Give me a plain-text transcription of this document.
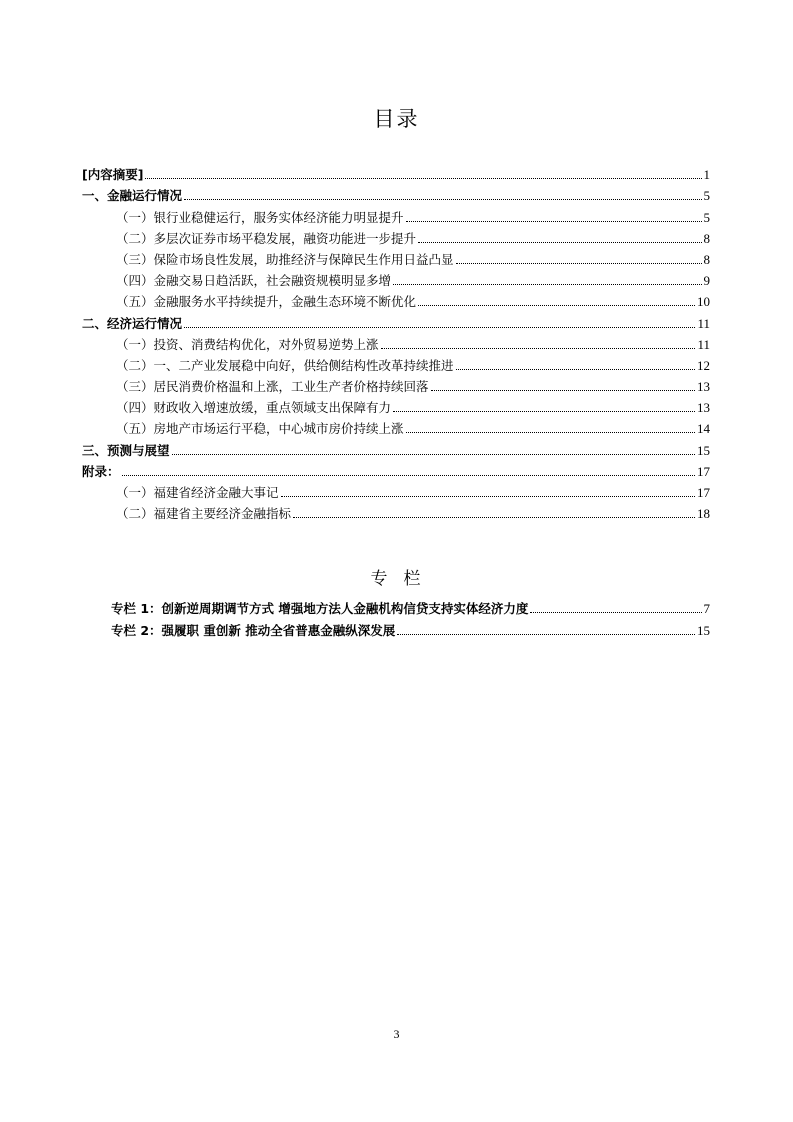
目录
[内容摘要]	1
一、金融运行情况	5
（一）银行业稳健运行，服务实体经济能力明显提升	5
（二）多层次证券市场平稳发展，融资功能进一步提升	8
（三）保险市场良性发展，助推经济与保障民生作用日益凸显	8
（四）金融交易日趋活跃，社会融资规模明显多增	9
（五）金融服务水平持续提升，金融生态环境不断优化	10
二、经济运行情况	11
（一）投资、消费结构优化，对外贸易逆势上涨	11
（二）一、二产业发展稳中向好，供给侧结构性改革持续推进	12
（三）居民消费价格温和上涨，工业生产者价格持续回落	13
（四）财政收入增速放缓，重点领域支出保障有力	13
（五）房地产市场运行平稳，中心城市房价持续上涨	14
三、预测与展望	15
附录：	17
（一）福建省经济金融大事记	17
（二）福建省主要经济金融指标	18
专 栏
专栏 1：创新逆周期调节方式 增强地方法人金融机构信贷支持实体经济力度	7
专栏 2：强履职 重创新 推动全省普惠金融纵深发展	15
3
